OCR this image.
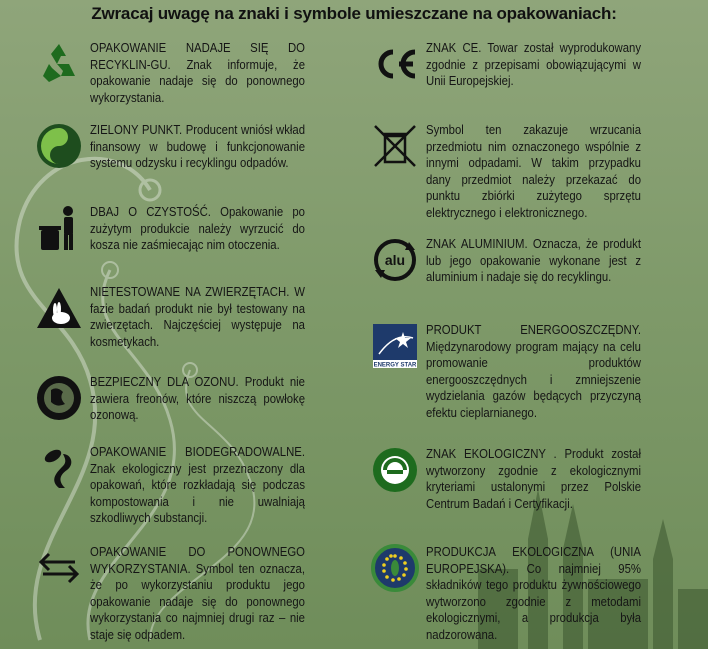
Zwracaj uwagę na znaki i symbole umieszczane na opakowaniach:
OPAKOWANIE NADAJE SIĘ DO RECYKLIN-GU. Znak informuje, że opakowanie nadaje się do ponownego wykorzystania.
ZIELONY PUNKT. Producent wniósł wkład finansowy w budowę i funkcjonowanie systemu odzysku i recyklingu odpadów.
DBAJ O CZYSTOŚĆ. Opakowanie po zużytym produkcie należy wyrzucić do kosza nie zaśmiecając nim otoczenia.
NIETESTOWANE NA ZWIERZĘTACH. W fazie badań produkt nie był testowany na zwierzętach. Najczęściej występuje na kosmetykach.
BEZPIECZNY DLA OZONU. Produkt nie zawiera freonów, które niszczą powłokę ozonową.
OPAKOWANIE BIODEGRADOWALNE. Znak ekologiczny jest przeznaczony dla opakowań, które rozkładają się podczas kompostowania i nie uwalniają szkodliwych substancji.
OPAKOWANIE DO PONOWNEGO WYKORZYSTANIA. Symbol ten oznacza, że po wykorzystaniu produktu jego opakowanie nadaje się do ponownego wykorzystania co najmniej drugi raz – nie staje się odpadem.
ZNAK CE. Towar został wyprodukowany zgodnie z przepisami obowiązującymi w Unii Europejskiej.
Symbol ten zakazuje wrzucania przedmiotu nim oznaczonego wspólnie z innymi odpadami. W takim przypadku dany przedmiot należy przekazać do punktu zbiórki zużytego sprzętu elektrycznego i elektronicznego.
alu
ZNAK ALUMINIUM. Oznacza, że produkt lub jego opakowanie wykonane jest z aluminium i nadaje się do recyklingu.
ENERGY STAR
PRODUKT ENERGOOSZCZĘDNY. Międzynarodowy program mający na celu promowanie produktów energooszczędnych i zmniejszenie wydzielania gazów będących przyczyną efektu cieplarnianego.
ZNAK EKOLOGICZNY . Produkt został wytworzony zgodnie z ekologicznymi kryteriami ustalonymi przez Polskie Centrum Badań i Certyfikacji.
PRODUKCJA EKOLOGICZNA (UNIA EUROPEJSKA). Co najmniej 95% składników tego produktu żywnościowego wytworzono zgodnie z metodami ekologicznymi, a produkcja była nadzorowana.
